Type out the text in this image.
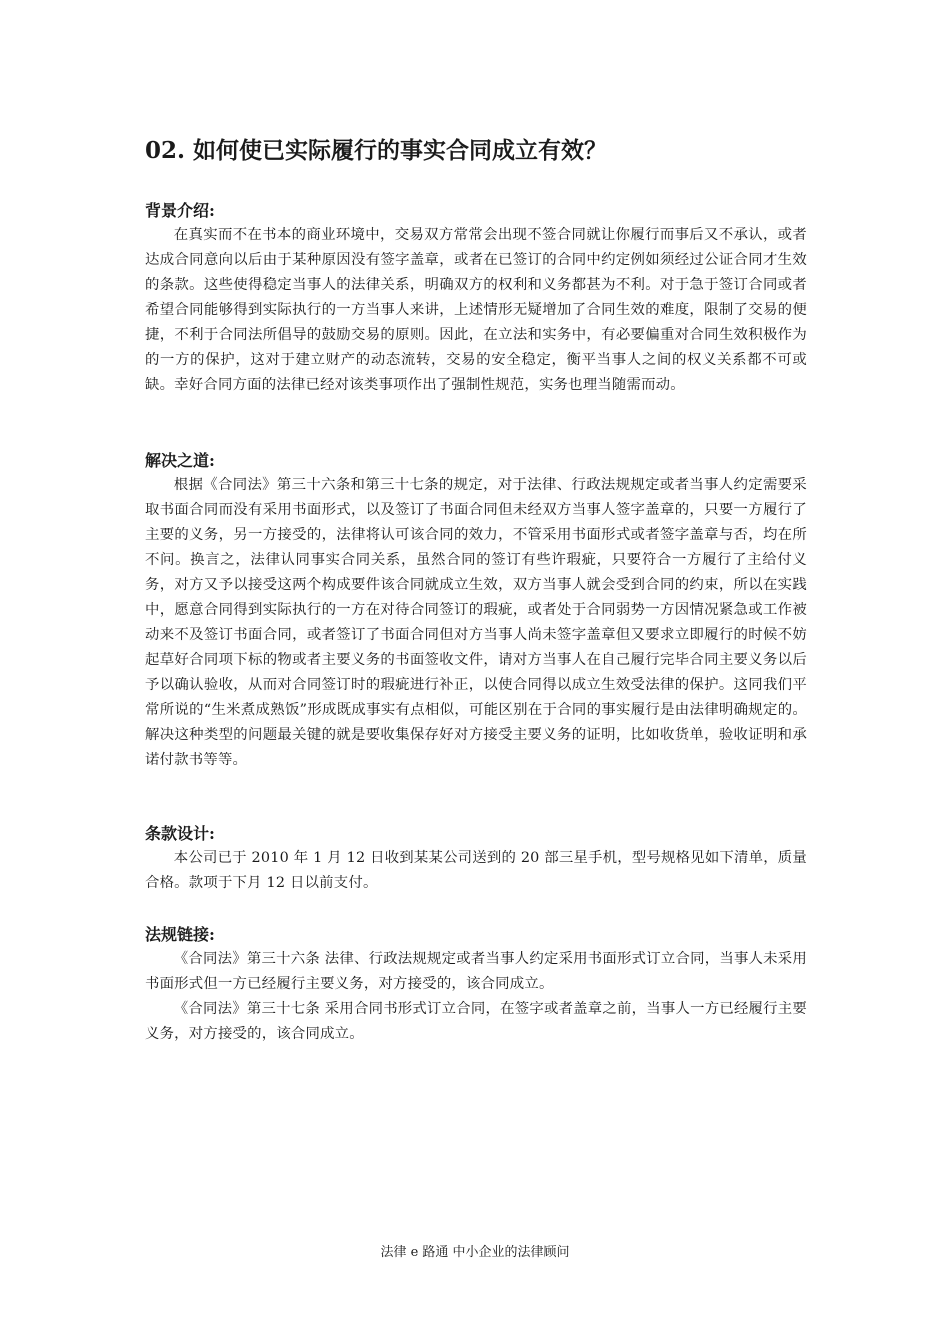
02. 如何使已实际履行的事实合同成立有效？

背景介绍:

在真实而不在书本的商业环境中，交易双方常常会出现不签合同就让你履行而事后又不承认，或者达成合同意向以后由于某种原因没有签字盖章，或者在已签订的合同中约定例如须经过公证合同才生效的条款。这些使得稳定当事人的法律关系，明确双方的权利和义务都甚为不利。对于急于签订合同或者希望合同能够得到实际执行的一方当事人来讲，上述情形无疑增加了合同生效的难度，限制了交易的便捷，不利于合同法所倡导的鼓励交易的原则。因此，在立法和实务中，有必要偏重对合同生效积极作为的一方的保护，这对于建立财产的动态流转，交易的安全稳定，衡平当事人之间的权义关系都不可或缺。幸好合同方面的法律已经对该类事项作出了强制性规范，实务也理当随需而动。

解决之道:

根据《合同法》第三十六条和第三十七条的规定，对于法律、行政法规规定或者当事人约定需要采取书面合同而没有采用书面形式，以及签订了书面合同但未经双方当事人签字盖章的，只要一方履行了主要的义务，另一方接受的，法律将认可该合同的效力，不管采用书面形式或者签字盖章与否，均在所不问。换言之，法律认同事实合同关系，虽然合同的签订有些许瑕疵，只要符合一方履行了主给付义务，对方又予以接受这两个构成要件该合同就成立生效，双方当事人就会受到合同的约束，所以在实践中，愿意合同得到实际执行的一方在对待合同签订的瑕疵，或者处于合同弱势一方因情况紧急或工作被动来不及签订书面合同，或者签订了书面合同但对方当事人尚未签字盖章但又要求立即履行的时候不妨起草好合同项下标的物或者主要义务的书面签收文件，请对方当事人在自己履行完毕合同主要义务以后予以确认验收，从而对合同签订时的瑕疵进行补正，以使合同得以成立生效受法律的保护。这同我们平常所说的“生米煮成熟饭”形成既成事实有点相似，可能区别在于合同的事实履行是由法律明确规定的。解决这种类型的问题最关键的就是要收集保存好对方接受主要义务的证明，比如收货单，验收证明和承诺付款书等等。

条款设计:

本公司已于 2010 年 1 月 12 日收到某某公司送到的 20 部三星手机，型号规格见如下清单，质量合格。款项于下月 12 日以前支付。

法规链接:

《合同法》第三十六条 法律、行政法规规定或者当事人约定采用书面形式订立合同，当事人未采用书面形式但一方已经履行主要义务，对方接受的，该合同成立。

《合同法》第三十七条 采用合同书形式订立合同，在签字或者盖章之前，当事人一方已经履行主要义务，对方接受的，该合同成立。

法律 e 路通 中小企业的法律顾问
